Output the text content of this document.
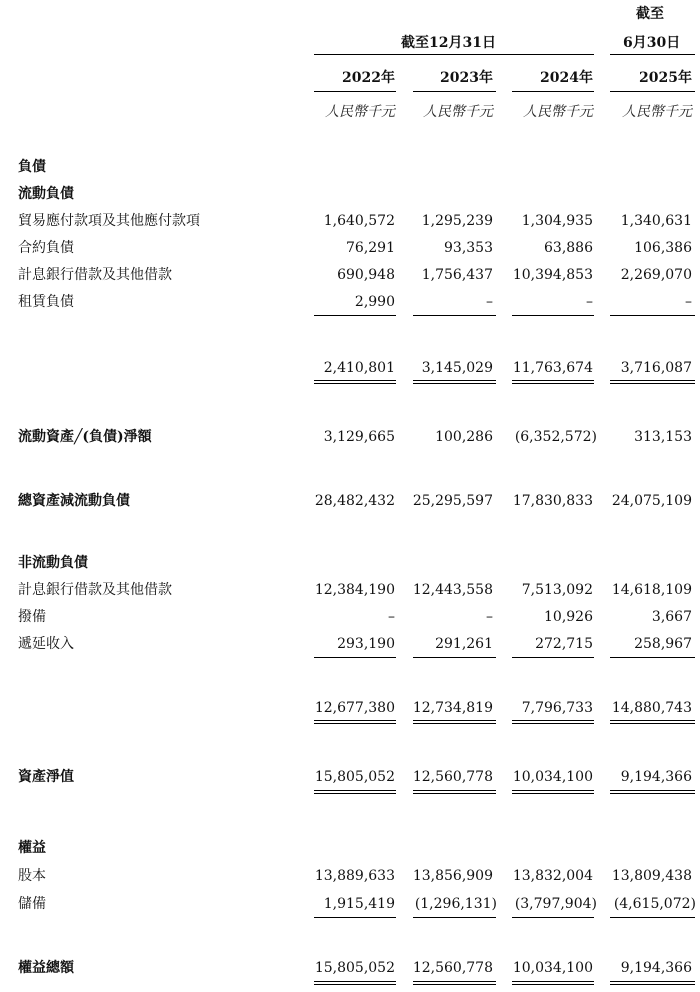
截至
截至12月31日	6月30日
2022年	2023年	2024年	2025年
人民幣千元 人民幣千元 人民幣千元 人民幣千元
負債
流動負債
貿易應付款項及其他應付款項	1,640,572 1,295,239 1,304,935 1,340,631
合約負債	76,291	93,353	63,886	106,386
計息銀行借款及其他借款	690,948 1,756,437 10,394,853 2,269,070
租賃負債	2,990	–	–	–
2,410,801 3,145,029 11,763,674 3,716,087
流動資產╱(負債)淨額	3,129,665	100,286 (6,352,572)	313,153
總資產減流動負債	28,482,432 25,295,597 17,830,833 24,075,109
非流動負債
計息銀行借款及其他借款	12,384,190 12,443,558 7,513,092 14,618,109
撥備	–	–	10,926	3,667
遞延收入	293,190	291,261	272,715	258,967
12,677,380 12,734,819 7,796,733 14,880,743
資產淨值	15,805,052 12,560,778 10,034,100 9,194,366
權益
股本	13,889,633 13,856,909 13,832,004 13,809,438
儲備	1,915,419 (1,296,131) (3,797,904) (4,615,072)
權益總額	15,805,052 12,560,778 10,034,100 9,194,366
